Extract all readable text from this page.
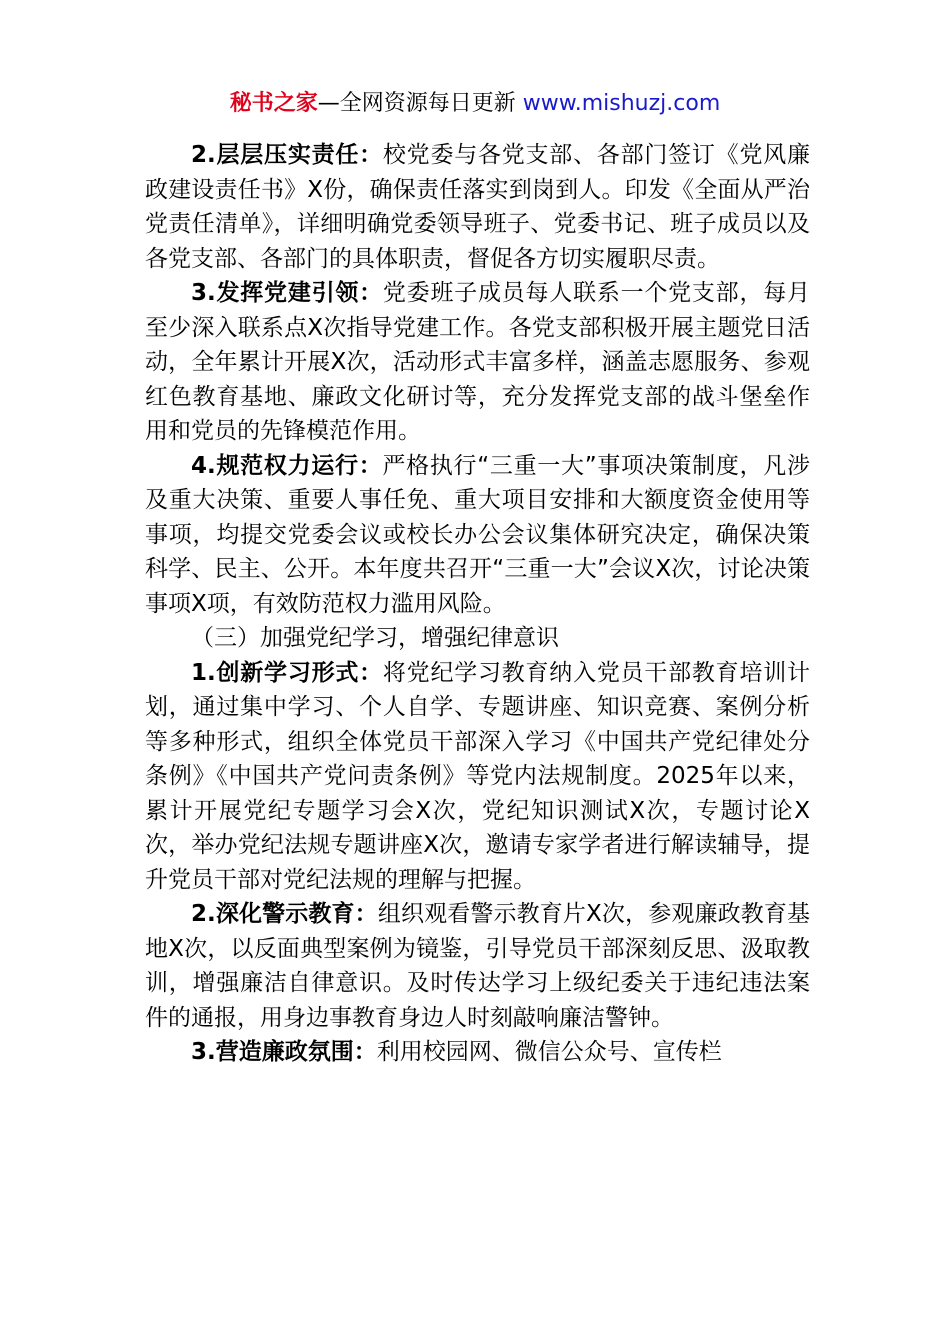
秘书之家—全网资源每日更新 www.mishuzj.com

2.层层压实责任：校党委与各党支部、各部门签订《党风廉政建设责任书》X份，确保责任落实到岗到人。印发《全面从严治党责任清单》，详细明确党委领导班子、党委书记、班子成员以及各党支部、各部门的具体职责，督促各方切实履职尽责。

3.发挥党建引领：党委班子成员每人联系一个党支部，每月至少深入联系点X次指导党建工作。各党支部积极开展主题党日活动，全年累计开展X次，活动形式丰富多样，涵盖志愿服务、参观红色教育基地、廉政文化研讨等，充分发挥党支部的战斗堡垒作用和党员的先锋模范作用。

4.规范权力运行：严格执行“三重一大”事项决策制度，凡涉及重大决策、重要人事任免、重大项目安排和大额度资金使用等事项，均提交党委会议或校长办公会议集体研究决定，确保决策科学、民主、公开。本年度共召开“三重一大”会议X次，讨论决策事项X项，有效防范权力滥用风险。

（三）加强党纪学习，增强纪律意识

1.创新学习形式：将党纪学习教育纳入党员干部教育培训计划，通过集中学习、个人自学、专题讲座、知识竞赛、案例分析等多种形式，组织全体党员干部深入学习《中国共产党纪律处分条例》《中国共产党问责条例》等党内法规制度。2025年以来，累计开展党纪专题学习会X次，党纪知识测试X次，专题讨论X次，举办党纪法规专题讲座X次，邀请专家学者进行解读辅导，提升党员干部对党纪法规的理解与把握。

2.深化警示教育：组织观看警示教育片X次，参观廉政教育基地X次，以反面典型案例为镜鉴，引导党员干部深刻反思、汲取教训，增强廉洁自律意识。及时传达学习上级纪委关于违纪违法案件的通报，用身边事教育身边人时刻敲响廉洁警钟。

3.营造廉政氛围：利用校园网、微信公众号、宣传栏
